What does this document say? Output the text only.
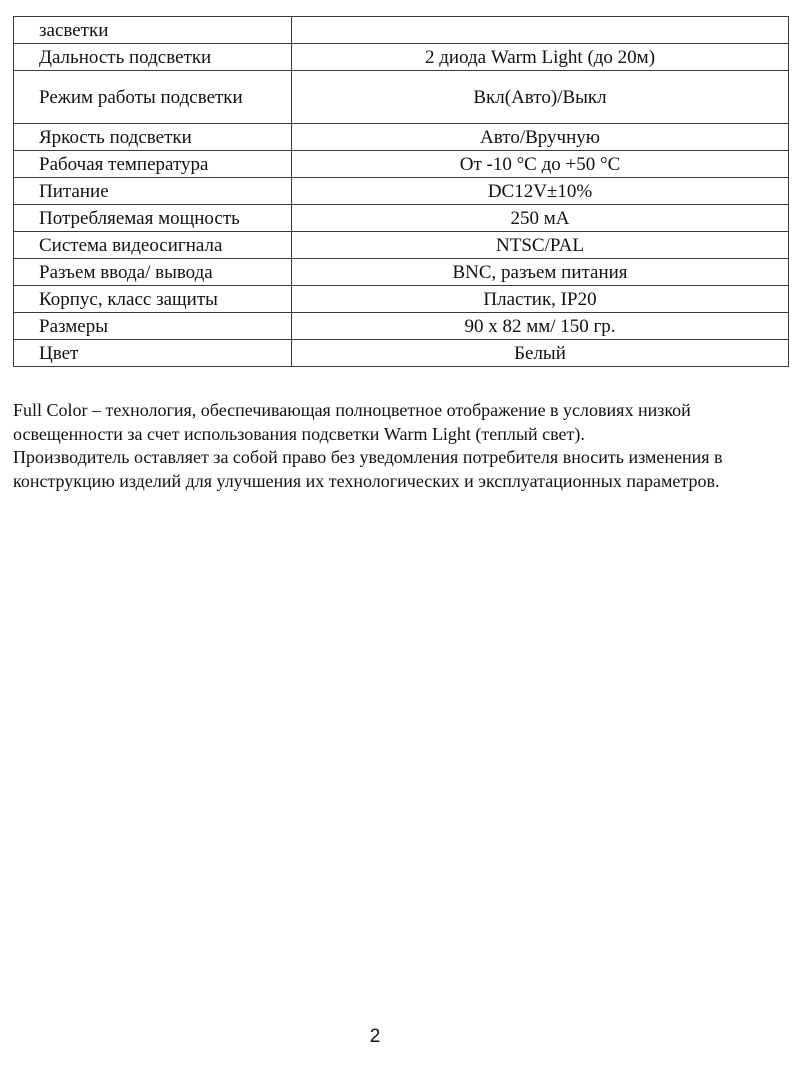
засветки	
Дальность подсветки	2 диода Warm Light (до 20м)
Режим работы подсветки	Вкл(Авто)/Выкл
Яркость подсветки	Авто/Вручную
Рабочая температура	От -10 °С до +50 °С
Питание	DC12V±10%
Потребляемая мощность	250 мА
Система видеосигнала	NTSC/PAL
Разъем ввода/ вывода	BNC, разъем питания
Корпус, класс защиты	Пластик, IP20
Размеры	90 х 82 мм/ 150 гр.
Цвет	Белый

Full Color – технология, обеспечивающая полноцветное отображение в условиях низкой освещенности за счет использования подсветки Warm Light (теплый свет).

Производитель оставляет за собой право без уведомления потребителя вносить изменения в конструкцию изделий для улучшения их технологических и эксплуатационных параметров.

2
